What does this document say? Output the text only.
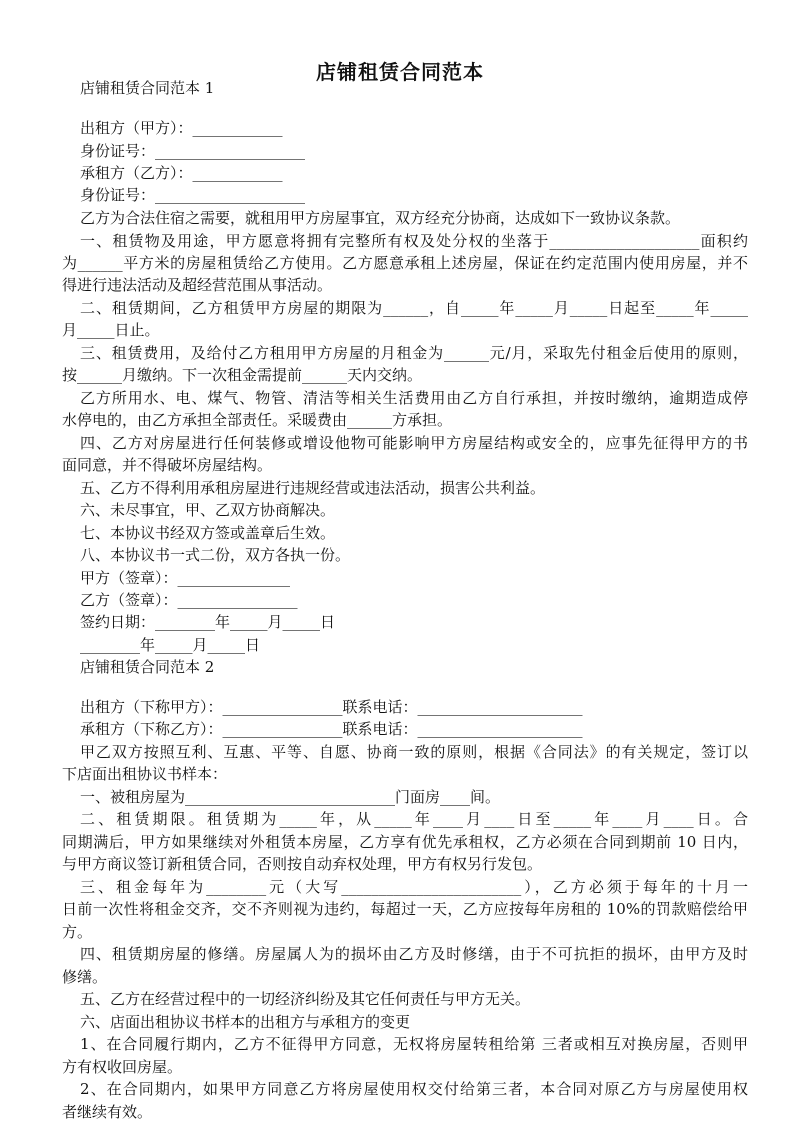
店铺租赁合同范本
店铺租赁合同范本 1
出租方（甲方）：____________
身份证号：____________________
承租方（乙方）：____________
身份证号：____________________
乙方为合法住宿之需要，就租用甲方房屋事宜，双方经充分协商，达成如下一致协议条款。
一、租赁物及用途，甲方愿意将拥有完整所有权及处分权的坐落于____________________面积约
为______平方米的房屋租赁给乙方使用。乙方愿意承租上述房屋，保证在约定范围内使用房屋，并不
得进行违法活动及超经营范围从事活动。
二、租赁期间，乙方租赁甲方房屋的期限为______，自_____年_____月_____日起至_____年_____
月_____日止。
三、租赁费用，及给付乙方租用甲方房屋的月租金为______元/月，采取先付租金后使用的原则，
按______月缴纳。下一次租金需提前______天内交纳。
乙方所用水、电、煤气、物管、清洁等相关生活费用由乙方自行承担，并按时缴纳，逾期造成停
水停电的，由乙方承担全部责任。采暖费由______方承担。
四、乙方对房屋进行任何装修或增设他物可能影响甲方房屋结构或安全的，应事先征得甲方的书
面同意，并不得破坏房屋结构。
五、乙方不得利用承租房屋进行违规经营或违法活动，损害公共利益。
六、未尽事宜，甲、乙双方协商解决。
七、本协议书经双方签或盖章后生效。
八、本协议书一式二份，双方各执一份。
甲方（签章）：_______________
乙方（签章）：________________
签约日期：________年_____月_____日
________年_____月_____日
店铺租赁合同范本 2
出租方（下称甲方）：________________联系电话：______________________
承租方（下称乙方）：________________联系电话：______________________
甲乙双方按照互利、互惠、平等、自愿、协商一致的原则，根据《合同法》的有关规定，签订以
下店面出租协议书样本：
一、被租房屋为____________________________门面房____间。
二、租赁期限。租赁期为_____年，从_____年____月____日至_____年____月____日。合
同期满后，甲方如果继续对外租赁本房屋，乙方享有优先承租权，乙方必须在合同到期前 10 日内，
与甲方商议签订新租赁合同，否则按自动弃权处理，甲方有权另行发包。
三、租金每年为________元（大写________________________），乙方必须于每年的十月一
日前一次性将租金交齐，交不齐则视为违约，每超过一天，乙方应按每年房租的 10%的罚款赔偿给甲
方。
四、租赁期房屋的修缮。房屋属人为的损坏由乙方及时修缮，由于不可抗拒的损坏，由甲方及时
修缮。
五、乙方在经营过程中的一切经济纠纷及其它任何责任与甲方无关。
六、店面出租协议书样本的出租方与承租方的变更
1、在合同履行期内，乙方不征得甲方同意，无权将房屋转租给第 三者或相互对换房屋，否则甲
方有权收回房屋。
2、在合同期内，如果甲方同意乙方将房屋使用权交付给第三者，本合同对原乙方与房屋使用权
者继续有效。
